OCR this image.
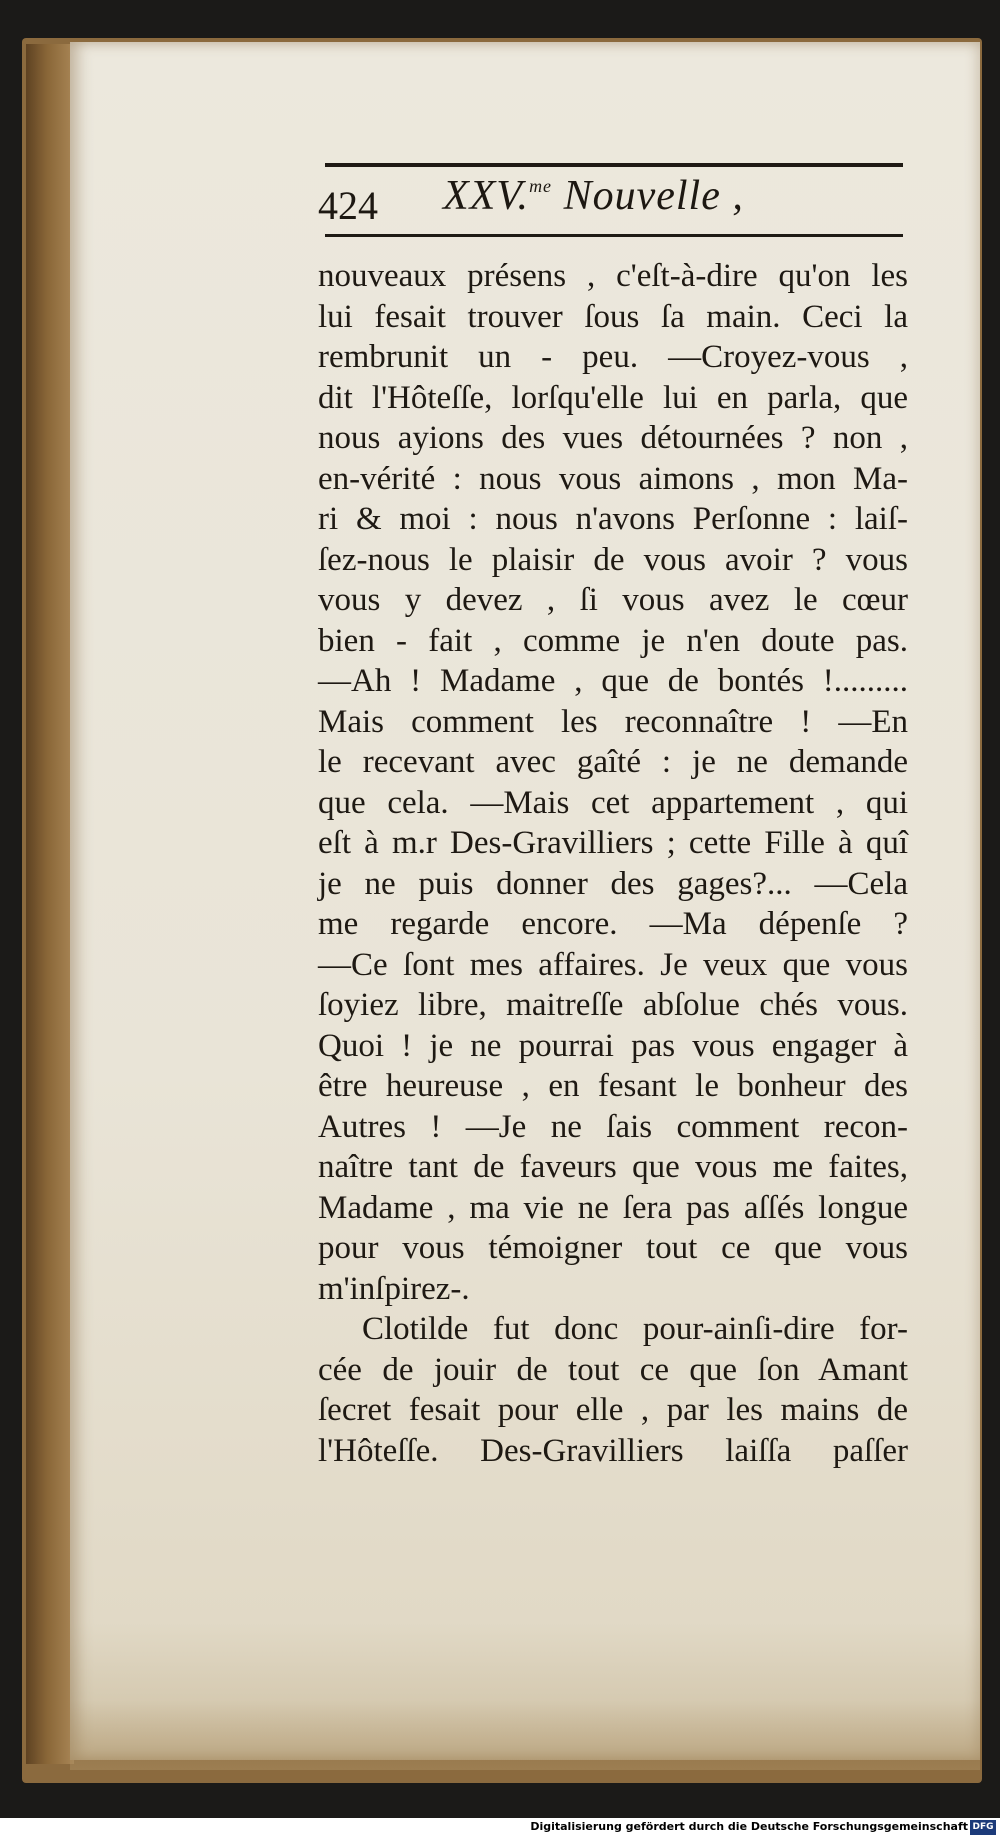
424 XXV.$^{me}$ Nouvelle ,
nouveaux présens , c'eſt-à-dire qu'on les
lui fesait trouver ſous ſa main. Ceci la
rembrunit un - peu. —Croyez-vous ,
dit l'Hôteſſe, lorſqu'elle lui en parla, que
nous ayions des vues détournées ? non ,
en-vérité : nous vous aimons , mon Ma-
ri & moi : nous n'avons Perſonne : laiſ-
ſez-nous le plaisir de vous avoir ? vous
vous y devez , ſi vous avez le cœur
bien - fait , comme je n'en doute pas.
—Ah ! Madame , que de bontés !.........
Mais comment les reconnaître ! —En
le recevant avec gaîté : je ne demande
que cela. —Mais cet appartement , qui
eſt à m.r Des-Gravilliers ; cette Fille à quî
je ne puis donner des gages?... —Cela
me regarde encore. —Ma dépenſe ?
—Ce ſont mes affaires. Je veux que vous
ſoyiez libre, maitreſſe abſolue chés vous.
Quoi ! je ne pourrai pas vous engager à
être heureuse , en fesant le bonheur des
Autres ! —Je ne ſais comment recon-
naître tant de faveurs que vous me faites,
Madame , ma vie ne ſera pas aſſés longue
pour vous témoigner tout ce que vous
m'inſpirez-.
Clotilde fut donc pour-ainſi-dire for-
cée de jouir de tout ce que ſon Amant
ſecret fesait pour elle , par les mains de
l'Hôteſſe. Des-Gravilliers laiſſa paſſer
Digitalisierung gefördert durch die Deutsche Forschungsgemeinschaft DFG
